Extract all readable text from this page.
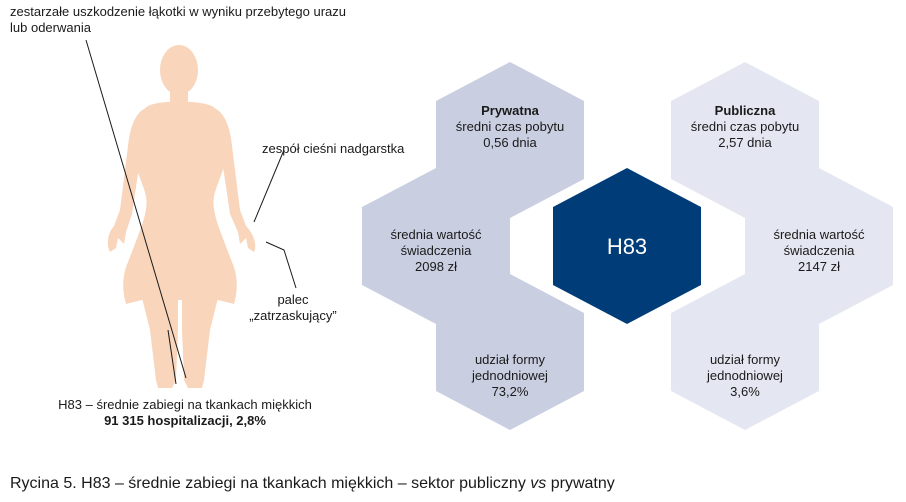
H83
zestarzałe uszkodzenie łąkotki w wyniku przebytego urazu
lub oderwania
zespół cieśni nadgarstka
palec
„zatrzaskujący”
H83 – średnie zabiegi na tkankach miękkich
91 315 hospitalizacji, 2,8%
Prywatna
średni czas pobytu
0,56 dnia
średnia wartość
świadczenia
2098 zł
udział formy
jednodniowej
73,2%
Publiczna
średni czas pobytu
2,57 dnia
średnia wartość
świadczenia
2147 zł
udział formy
jednodniowej
3,6%
Rycina 5. H83 – średnie zabiegi na tkankach miękkich – sektor publiczny vs prywatny
